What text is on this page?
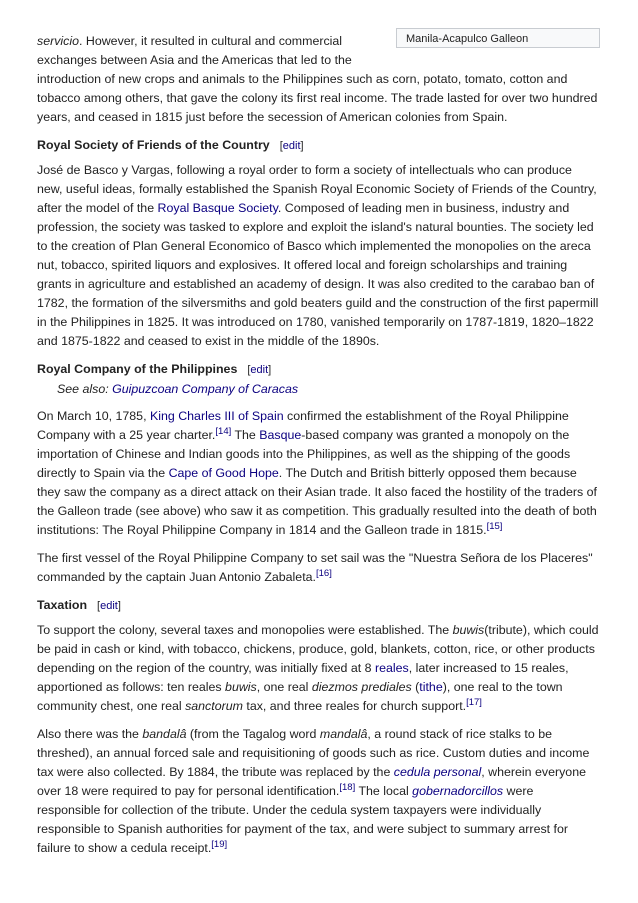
Manila-Acapulco Galleon

servicio. However, it resulted in cultural and commercial exchanges between Asia and the Americas that led to the

introduction of new crops and animals to the Philippines such as corn, potato, tomato, cotton and tobacco among others, that gave the colony its first real income. The trade lasted for over two hundred years, and ceased in 1815 just before the secession of American colonies from Spain.

Royal Society of Friends of the Country [edit]

José de Basco y Vargas, following a royal order to form a society of intellectuals who can produce new, useful ideas, formally established the Spanish Royal Economic Society of Friends of the Country, after the model of the Royal Basque Society. Composed of leading men in business, industry and profession, the society was tasked to explore and exploit the island's natural bounties. The society led to the creation of Plan General Economico of Basco which implemented the monopolies on the areca nut, tobacco, spirited liquors and explosives. It offered local and foreign scholarships and training grants in agriculture and established an academy of design. It was also credited to the carabao ban of 1782, the formation of the silversmiths and gold beaters guild and the construction of the first papermill in the Philippines in 1825. It was introduced on 1780, vanished temporarily on 1787-1819, 1820–1822 and 1875-1822 and ceased to exist in the middle of the 1890s.

Royal Company of the Philippines [edit]
See also: Guipuzcoan Company of Caracas

On March 10, 1785, King Charles III of Spain confirmed the establishment of the Royal Philippine Company with a 25 year charter.[14] The Basque-based company was granted a monopoly on the importation of Chinese and Indian goods into the Philippines, as well as the shipping of the goods directly to Spain via the Cape of Good Hope. The Dutch and British bitterly opposed them because they saw the company as a direct attack on their Asian trade. It also faced the hostility of the traders of the Galleon trade (see above) who saw it as competition. This gradually resulted into the death of both institutions: The Royal Philippine Company in 1814 and the Galleon trade in 1815.[15]

The first vessel of the Royal Philippine Company to set sail was the "Nuestra Señora de los Placeres" commanded by the captain Juan Antonio Zabaleta.[16]

Taxation [edit]

To support the colony, several taxes and monopolies were established. The buwis(tribute), which could be paid in cash or kind, with tobacco, chickens, produce, gold, blankets, cotton, rice, or other products depending on the region of the country, was initially fixed at 8 reales, later increased to 15 reales, apportioned as follows: ten reales buwis, one real diezmos prediales (tithe), one real to the town community chest, one real sanctorum tax, and three reales for church support.[17]

Also there was the bandalâ (from the Tagalog word mandalâ, a round stack of rice stalks to be threshed), an annual forced sale and requisitioning of goods such as rice. Custom duties and income tax were also collected. By 1884, the tribute was replaced by the cedula personal, wherein everyone over 18 were required to pay for personal identification.[18] The local gobernadorcillos were responsible for collection of the tribute. Under the cedula system taxpayers were individually responsible to Spanish authorities for payment of the tax, and were subject to summary arrest for failure to show a cedula receipt.[19]
